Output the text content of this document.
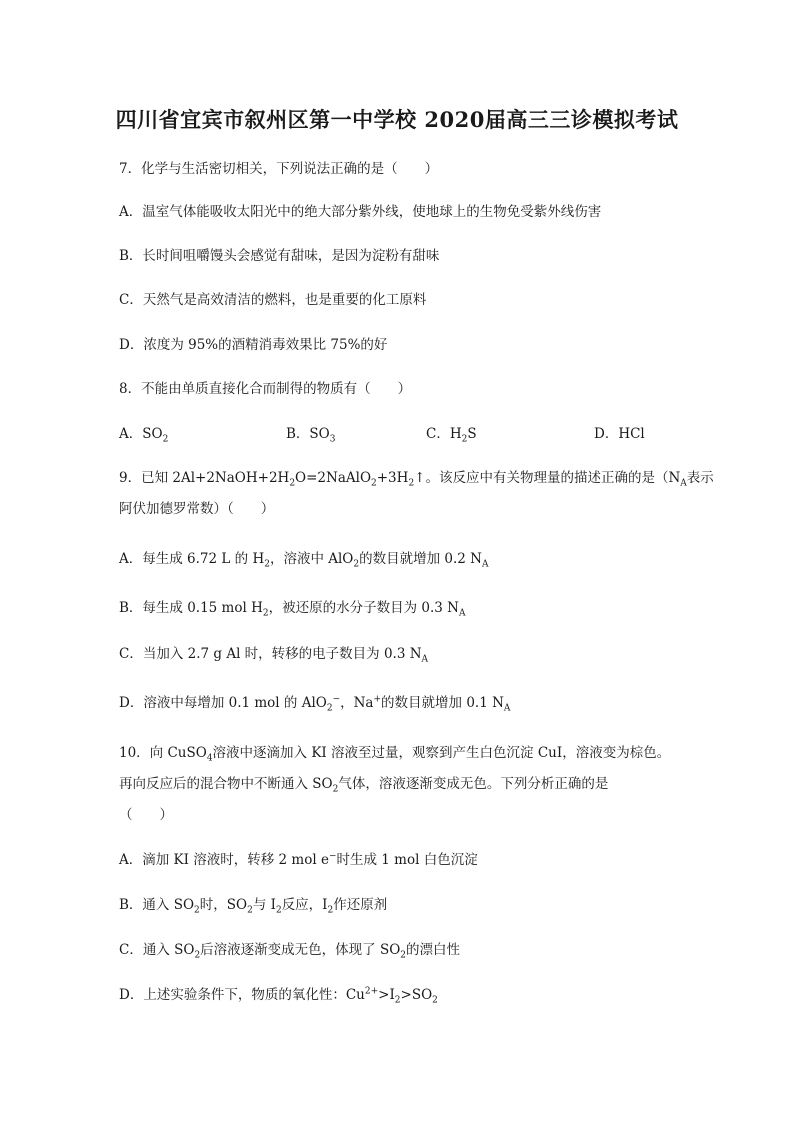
四川省宜宾市叙州区第一中学校 2020届高三三诊模拟考试
7．化学与生活密切相关，下列说法正确的是（　　）
A．温室气体能吸收太阳光中的绝大部分紫外线，使地球上的生物免受紫外线伤害
B．长时间咀嚼馒头会感觉有甜味，是因为淀粉有甜味
C．天然气是高效清洁的燃料，也是重要的化工原料
D．浓度为 95%的酒精消毒效果比 75%的好
8．不能由单质直接化合而制得的物质有（　　）
A．$SO_2$	B．$SO_3$	C．$H_2S$	D．HCl
9．已知 $2Al+2NaOH+2H_2O=2NaAlO_2+3H_2↑$。该反应中有关物理量的描述正确的是（$N_A$表示
阿伏加德罗常数）（　　）
A．每生成 6.72 L 的 $H_2$，溶液中 AlO$_2$的数目就增加 0.2 $N_A$
B．每生成 0.15 mol $H_2$，被还原的水分子数目为 0.3 $N_A$
C．当加入 2.7 g Al 时，转移的电子数目为 0.3 $N_A$
D．溶液中每增加 0.1 mol 的 AlO$_2$−，Na+的数目就增加 0.1 $N_A$
10．向 CuSO$_4$溶液中逐滴加入 KI 溶液至过量，观察到产生白色沉淀 CuI，溶液变为棕色。
再向反应后的混合物中不断通入 $SO_2$气体，溶液逐渐变成无色。下列分析正确的是
（　　）
A．滴加 KI 溶液时，转移 2 mol e−时生成 1 mol 白色沉淀
B．通入 $SO_2$时，$SO_2$与 $I_2$反应，$I_2$作还原剂
C．通入 $SO_2$后溶液逐渐变成无色，体现了 $SO_2$的漂白性
D．上述实验条件下，物质的氧化性：$Cu^{2+}>I_2>SO_2$
